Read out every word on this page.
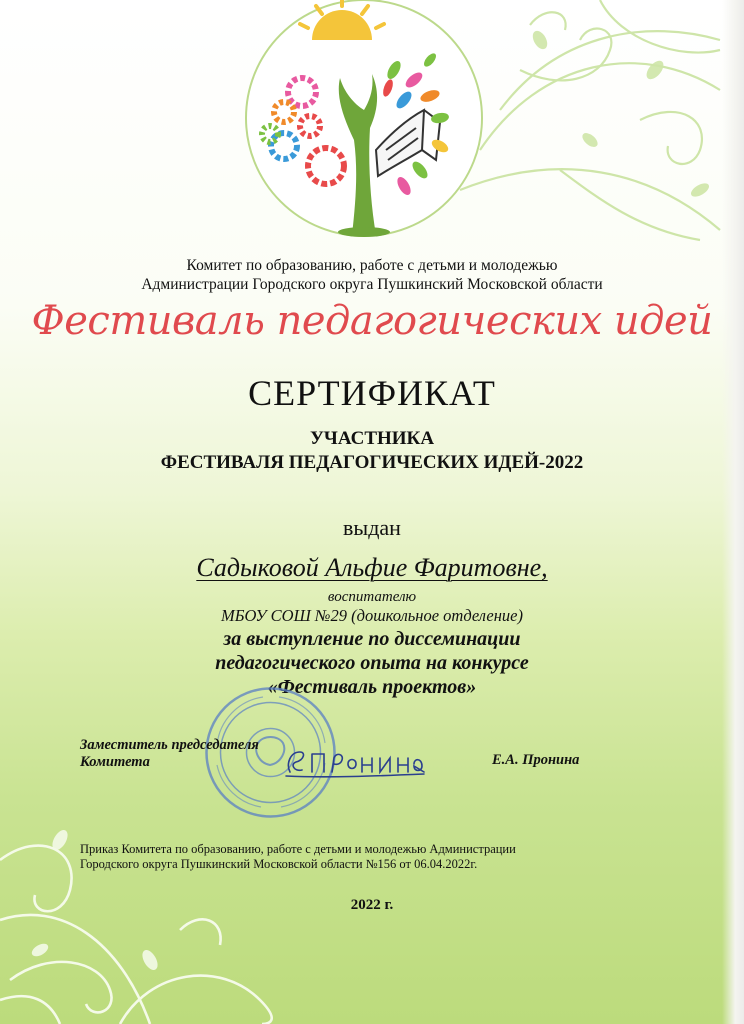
Комитет по образованию, работе с детьми и молодежью
Администрации Городского округа Пушкинский Московской области
Фестиваль педагогических идей
СЕРТИФИКАТ
УЧАСТНИКА
ФЕСТИВАЛЯ ПЕДАГОГИЧЕСКИХ ИДЕЙ-2022
выдан
Садыковой Альфие Фаритовне,
воспитателю
МБОУ СОШ №29 (дошкольное отделение)
за выступление по диссеминации
педагогического опыта на конкурсе
«Фестиваль проектов»
Заместитель председателя
Комитета	Е.А. Пронина
Приказ Комитета по образованию, работе с детьми и молодежью Администрации
Городского округа Пушкинский Московской области №156 от 06.04.2022г.
2022 г.
